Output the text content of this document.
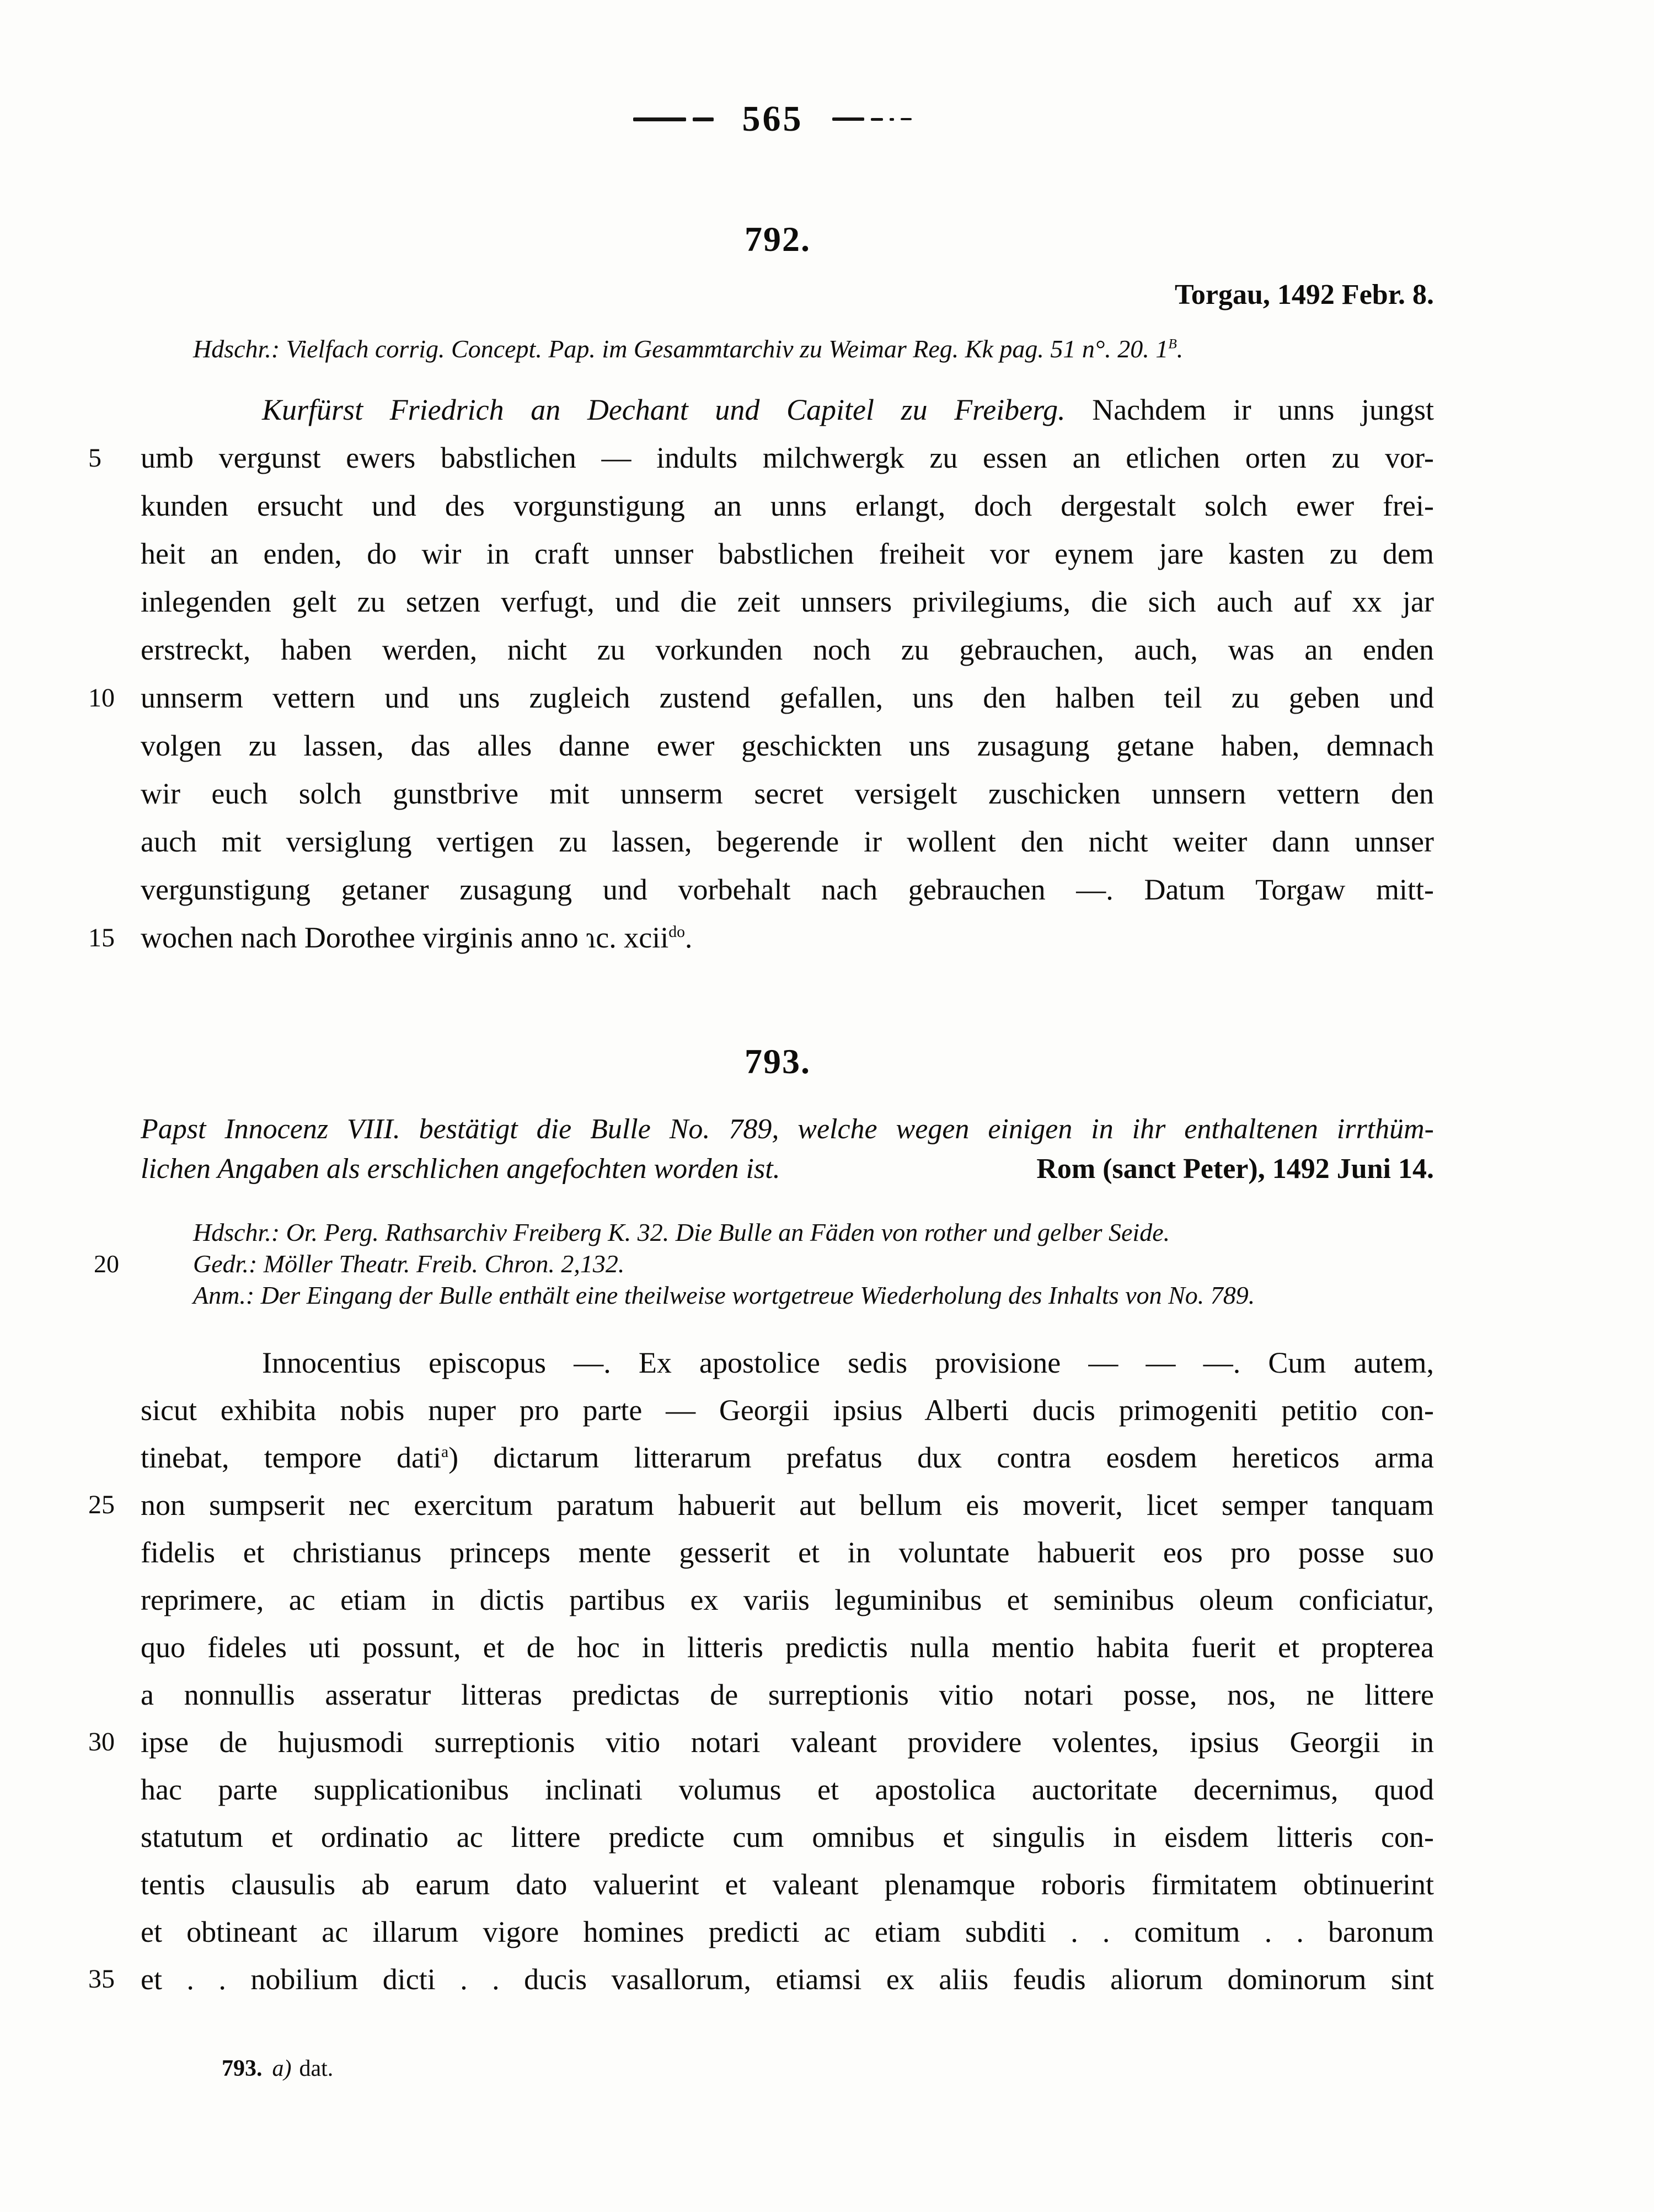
565
792.
Torgau, 1492 Febr. 8.
Hdschr.: Vielfach corrig. Concept. Pap. im Gesammtarchiv zu Weimar Reg. Kk pag. 51 n°. 20. $1^B$.
Kurfürst Friedrich an Dechant und Capitel zu Freiberg. Nachdem ir unns jungst
5	umb vergunst ewers babstlichen — indults milchwergk zu essen an etlichen orten zu vor-
kunden ersucht und des vorgunstigung an unns erlangt, doch dergestalt solch ewer frei-
heit an enden, do wir in craft unnser babstlichen freiheit vor eynem jare kasten zu dem
inlegenden gelt zu setzen verfugt, und die zeit unnsers privilegiums, die sich auch auf xx jar
erstreckt, haben werden, nicht zu vorkunden noch zu gebrauchen, auch, was an enden
10 unnserm vettern und uns zugleich zustend gefallen, uns den halben teil zu geben und
volgen zu lassen, das alles danne ewer geschickten uns zusagung getane haben, demnach
wir euch solch gunstbrive mit unnserm secret versigelt zuschicken unnsern vettern den
auch mit versiglung vertigen zu lassen, begerende ir wollent den nicht weiter dann unnser
vergunstigung getaner zusagung und vorbehalt nach gebrauchen —. Datum Torgaw mitt-
15 wochen nach Dorothee virginis anno ɿc. xcii$^{do}$.
793.
Papst Innocenz VIII. bestätigt die Bulle No. 789, welche wegen einigen in ihr enthaltenen irrthüm-
lichen Angaben als erschlichen angefochten worden ist.	Rom (sanct Peter), 1492 Juni 14.
Hdschr.: Or. Perg. Rathsarchiv Freiberg K. 32. Die Bulle an Fäden von rother und gelber Seide.
20	Gedr.: Möller Theatr. Freib. Chron. 2,132.
Anm.: Der Eingang der Bulle enthält eine theilweise wortgetreue Wiederholung des Inhalts von No. 789.
Innocentius episcopus —. Ex apostolice sedis provisione — — —. Cum autem,
sicut exhibita nobis nuper pro parte — Georgii ipsius Alberti ducis primogeniti petitio con-
tinebat, tempore dati$^a$) dictarum litterarum prefatus dux contra eosdem hereticos arma
25 non sumpserit nec exercitum paratum habuerit aut bellum eis moverit, licet semper tanquam
fidelis et christianus princeps mente gesserit et in voluntate habuerit eos pro posse suo
reprimere, ac etiam in dictis partibus ex variis leguminibus et seminibus oleum conficiatur,
quo fideles uti possunt, et de hoc in litteris predictis nulla mentio habita fuerit et propterea
a nonnullis asseratur litteras predictas de surreptionis vitio notari posse, nos, ne littere
30 ipse de hujusmodi surreptionis vitio notari valeant providere volentes, ipsius Georgii in
hac parte supplicationibus inclinati volumus et apostolica auctoritate decernimus, quod
statutum et ordinatio ac littere predicte cum omnibus et singulis in eisdem litteris con-
tentis clausulis ab earum dato valuerint et valeant plenamque roboris firmitatem obtinuerint
et obtineant ac illarum vigore homines predicti ac etiam subditi . . comitum . . baronum
35 et . . nobilium dicti . . ducis vasallorum, etiamsi ex aliis feudis aliorum dominorum sint
793. a) dat.
